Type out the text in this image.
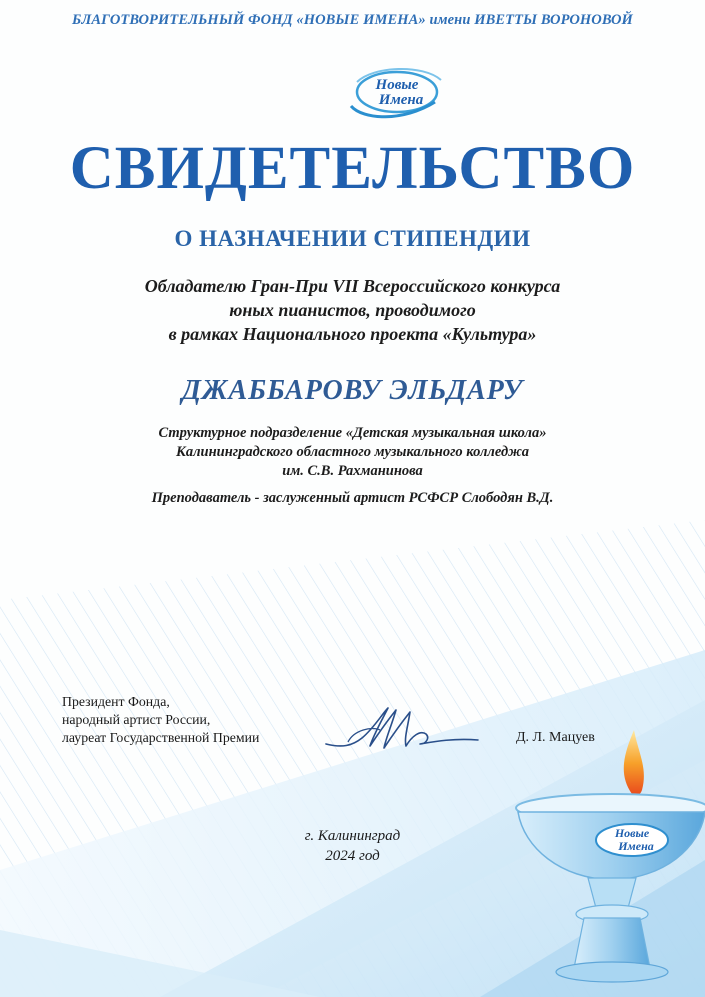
БЛАГОТВОРИТЕЛЬНЫЙ ФОНД «НОВЫЕ ИМЕНА» имени ИВЕТТЫ ВОРОНОВОЙ
Новые
Имена
СВИДЕТЕЛЬСТВО
О НАЗНАЧЕНИИ СТИПЕНДИИ
Обладателю Гран-При VII Всероссийского конкурса
юных пианистов, проводимого
в рамках Национального проекта «Культура»
ДЖАББАРОВУ ЭЛЬДАРУ
Структурное подразделение «Детская музыкальная школа»
Калининградского областного музыкального колледжа
им. С.В. Рахманинова
Преподаватель - заслуженный артист РСФСР Слободян В.Д.
Президент Фонда,
народный артист России,
лауреат Государственной Премии	Д. Л. Мацуев
г. Калининград
2024 год
Новые
Имена
